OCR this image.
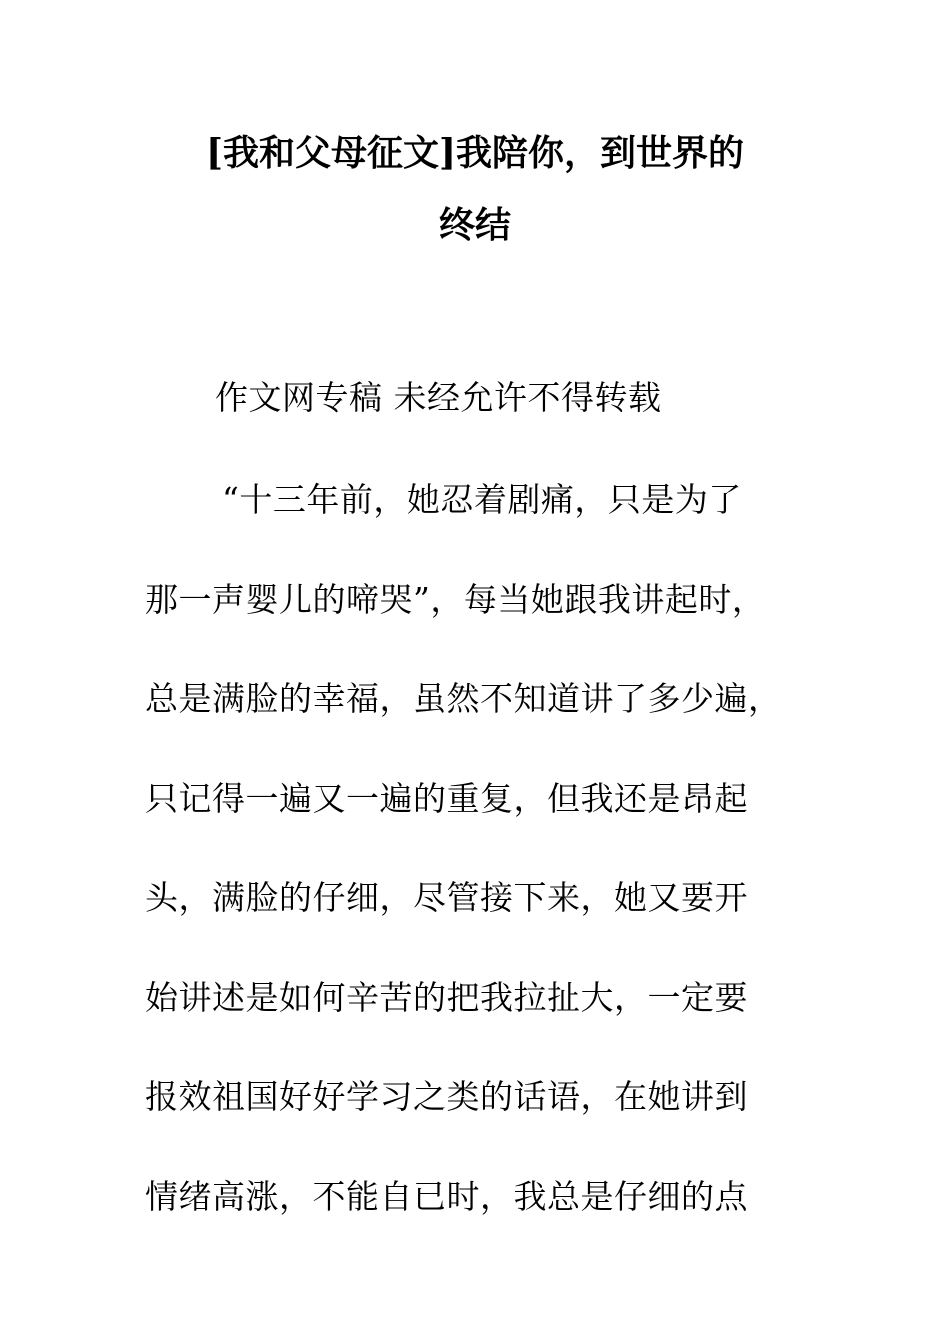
[我和父母征文]我陪你，到世界的
终结
作文网专稿 未经允许不得转载
“十三年前，她忍着剧痛，只是为了
那一声婴儿的啼哭”，每当她跟我讲起时，
总是满脸的幸福，虽然不知道讲了多少遍，
只记得一遍又一遍的重复，但我还是昂起
头，满脸的仔细，尽管接下来，她又要开
始讲述是如何辛苦的把我拉扯大，一定要
报效祖国好好学习之类的话语，在她讲到
情绪高涨，不能自已时，我总是仔细的点
